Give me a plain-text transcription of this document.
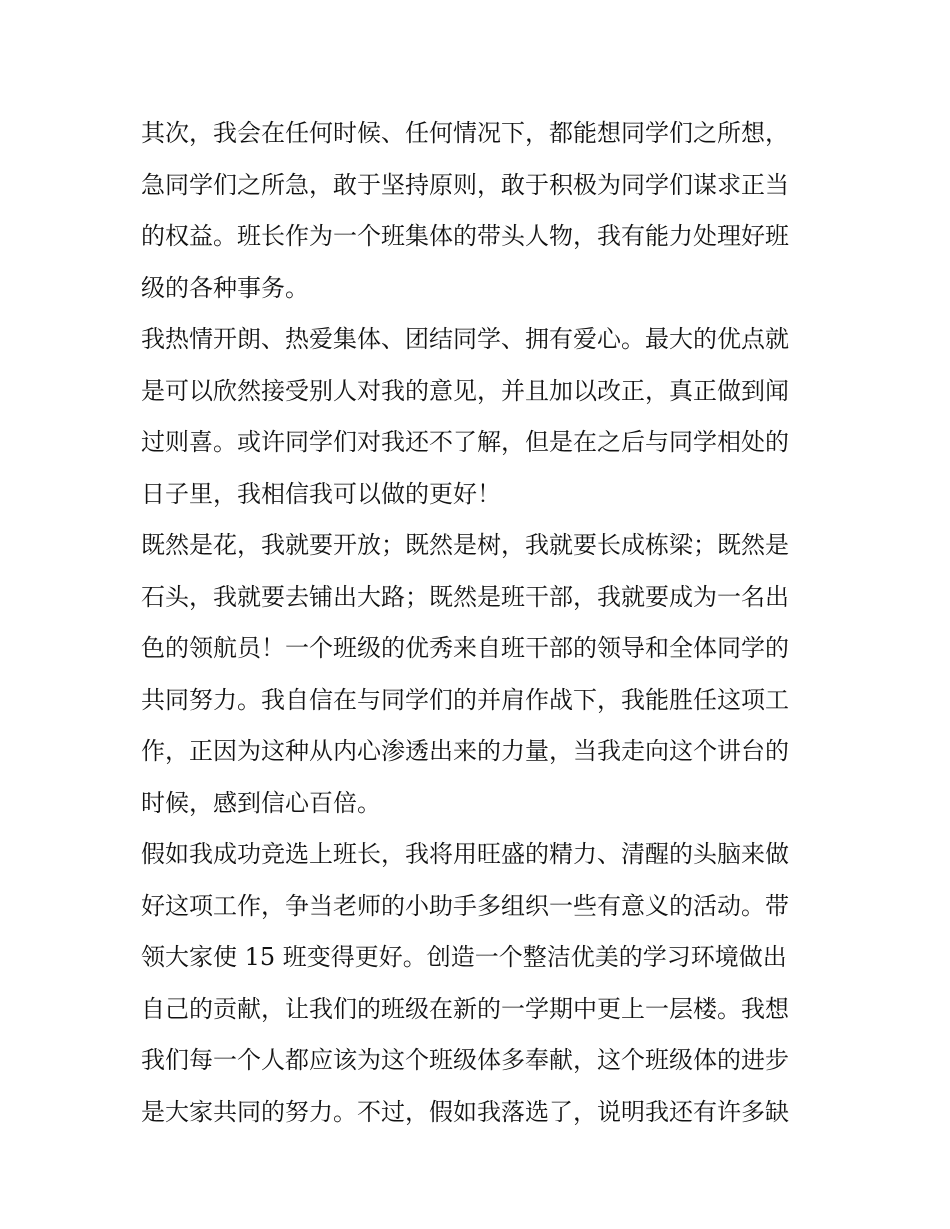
其次，我会在任何时候、任何情况下，都能想同学们之所想，
急同学们之所急，敢于坚持原则，敢于积极为同学们谋求正当
的权益。班长作为一个班集体的带头人物，我有能力处理好班
级的各种事务。
我热情开朗、热爱集体、团结同学、拥有爱心。最大的优点就
是可以欣然接受别人对我的意见，并且加以改正，真正做到闻
过则喜。或许同学们对我还不了解，但是在之后与同学相处的
日子里，我相信我可以做的更好！
既然是花，我就要开放；既然是树，我就要长成栋梁；既然是
石头，我就要去铺出大路；既然是班干部，我就要成为一名出
色的领航员！一个班级的优秀来自班干部的领导和全体同学的
共同努力。我自信在与同学们的并肩作战下，我能胜任这项工
作，正因为这种从内心渗透出来的力量，当我走向这个讲台的
时候，感到信心百倍。
假如我成功竞选上班长，我将用旺盛的精力、清醒的头脑来做
好这项工作，争当老师的小助手多组织一些有意义的活动。带
领大家使 15 班变得更好。创造一个整洁优美的学习环境做出
自己的贡献，让我们的班级在新的一学期中更上一层楼。我想
我们每一个人都应该为这个班级体多奉献，这个班级体的进步
是大家共同的努力。不过，假如我落选了，说明我还有许多缺
